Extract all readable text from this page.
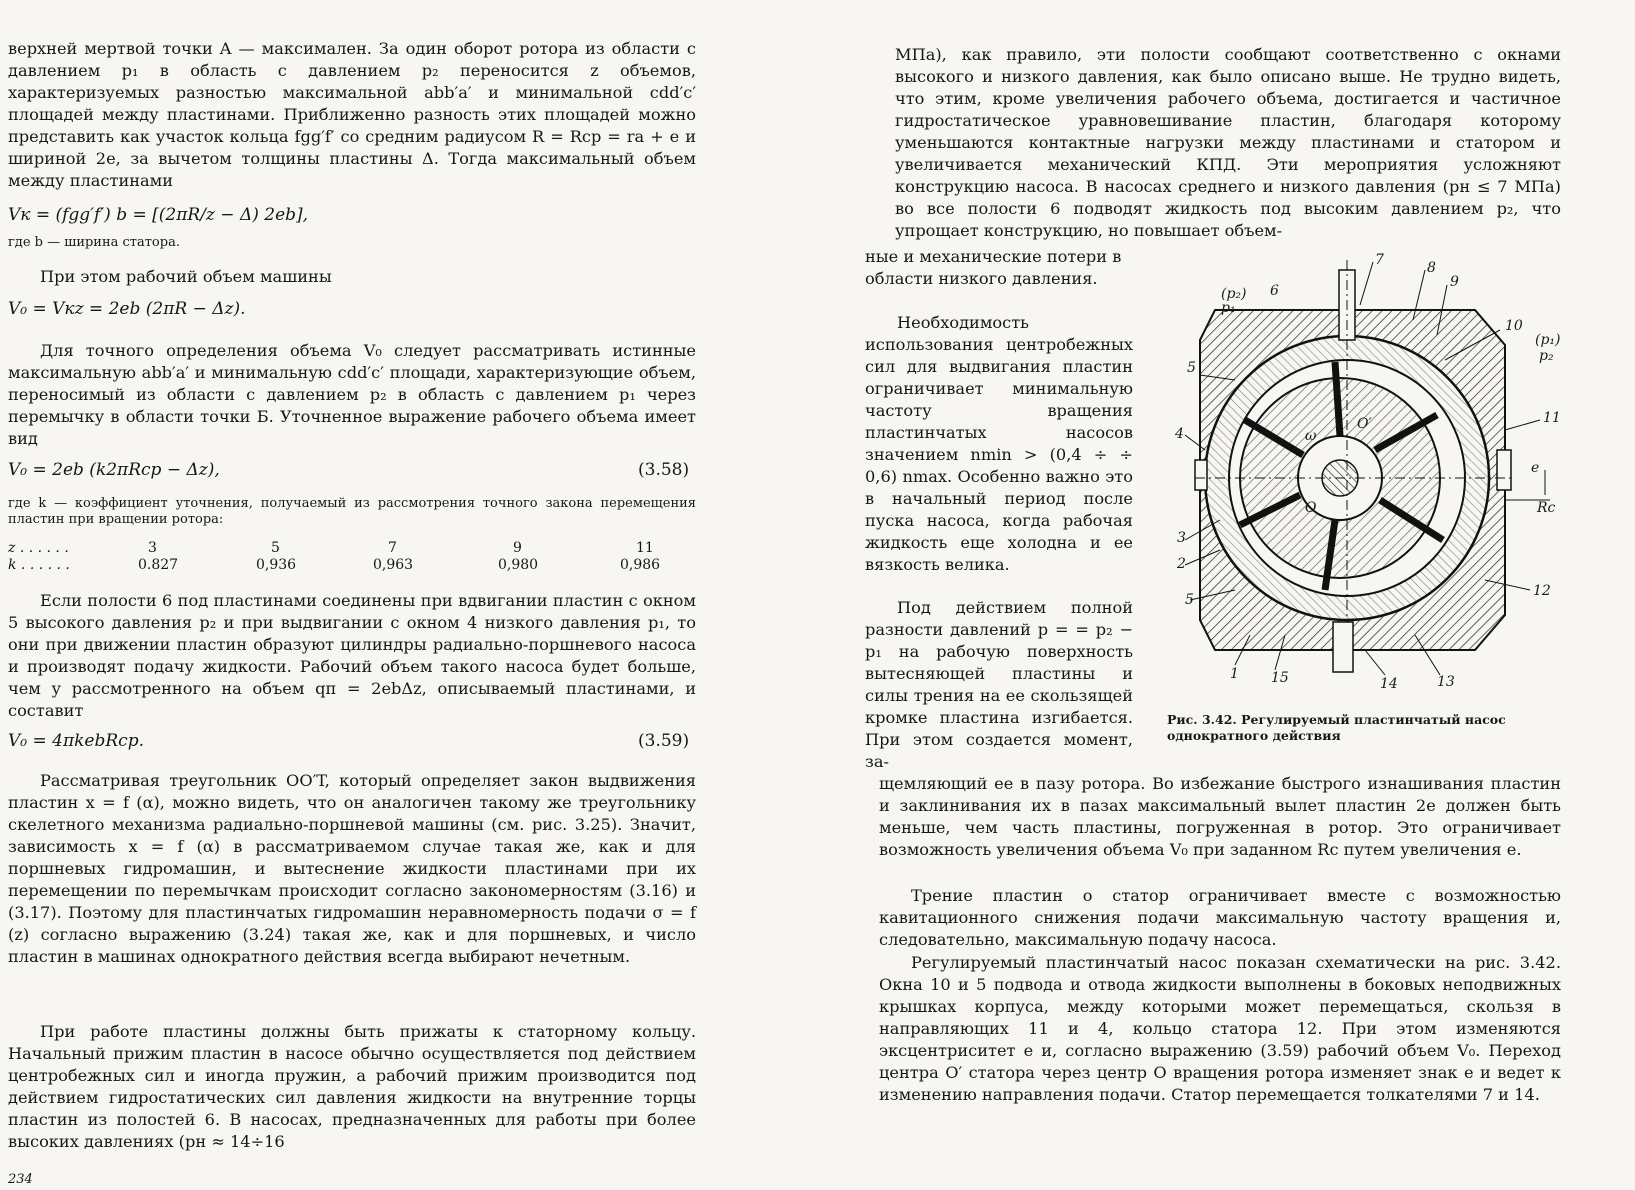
верхней мертвой точки A — максимален. За один оборот ротора из области с давлением p₁ в область с давлением p₂ переносится z объемов, характеризуемых разностью максимальной abb′a′ и минимальной cdd′c′ площадей между пластинами. Приближенно разность этих площадей можно представить как участок кольца fgg′f′ со средним радиусом R = Rср = rа + e и шириной 2e, за вычетом толщины пластины Δ. Тогда максимальный объем между пластинами

Vк = (fgg′f′) b = [(2πR/z − Δ) 2eb],

где b — ширина статора.

При этом рабочий объем машины

V₀ = Vкz = 2eb (2πR − Δz).

Для точного определения объема V₀ следует рассматривать истинные максимальную abb′a′ и минимальную cdd′c′ площади, характеризующие объем, переносимый из области с давлением p₂ в область с давлением p₁ через перемычку в области точки Б. Уточненное выражение рабочего объема имеет вид

V₀ = 2eb (k2πRср − Δz),	(3.58)

где k — коэффициент уточнения, получаемый из рассмотрения точного закона перемещения пластин при вращении ротора:

z . . . . . .	3	5	7	9	11
k . . . . . .	0.827	0,936	0,963	0,980	0,986

Если полости 6 под пластинами соединены при вдвигании пластин с окном 5 высокого давления p₂ и при выдвигании с окном 4 низкого давления p₁, то они при движении пластин образуют цилиндры радиально-поршневого насоса и производят подачу жидкости. Рабочий объем такого насоса будет больше, чем у рассмотренного на объем qп = 2ebΔz, описываемый пластинами, и составит

V₀ = 4πkebRср.	(3.59)

Рассматривая треугольник OO′T, который определяет закон выдвижения пластин x = f (α), можно видеть, что он аналогичен такому же треугольнику скелетного механизма радиально-поршневой машины (см. рис. 3.25). Значит, зависимость x = f (α) в рассматриваемом случае такая же, как и для поршневых гидромашин, и вытеснение жидкости пластинами при их перемещении по перемычкам происходит согласно закономерностям (3.16) и (3.17). Поэтому для пластинчатых гидромашин неравномерность подачи σ = f (z) согласно выражению (3.24) такая же, как и для поршневых, и число пластин в машинах однократного действия всегда выбирают нечетным.

При работе пластины должны быть прижаты к статорному кольцу. Начальный прижим пластин в насосе обычно осуществляется под действием центробежных сил и иногда пружин, а рабочий прижим производится под действием гидростатических сил давления жидкости на внутренние торцы пластин из полостей 6. В насосах, предназначенных для работы при более высоких давлениях (pн ≈ 14÷16

234

МПа), как правило, эти полости сообщают соответственно с окнами высокого и низкого давления, как было описано выше. Не трудно видеть, что этим, кроме увеличения рабочего объема, достигается и частичное гидростатическое уравновешивание пластин, благодаря которому уменьшаются контактные нагрузки между пластинами и статором и увеличивается механический КПД. Эти мероприятия усложняют конструкцию насоса. В насосах среднего и низкого давления (pн ≤ 7 МПа) во все полости 6 подводят жидкость под высоким давлением p₂, что упрощает конструкцию, но повышает объем-

ные и механические потери в области низкого давления.

Необходимость использования центробежных сил для выдвигания пластин ограничивает минимальную частоту вращения пластинчатых насосов значением nmin > (0,4 ÷ ÷ 0,6) nmax. Особенно важно это в начальный период после пуска насоса, когда рабочая жидкость еще холодна и ее вязкость велика.

Под действием полной разности давлений p = = p₂ − p₁ на рабочую поверхность вытесняющей пластины и силы трения на ее скользящей кромке пластина изгибается. При этом создается момент, за-

(p₂)
p₁
6
7	8
9
10
(p₁)
p₂
11
e
Rс
12
13
14
15
1
2
3
4
5
5
ω
O′
O

Рис. 3.42. Регулируемый пластинчатый насос однократного действия

щемляющий ее в пазу ротора. Во избежание быстрого изнашивания пластин и заклинивания их в пазах максимальный вылет пластин 2e должен быть меньше, чем часть пластины, погруженная в ротор. Это ограничивает возможность увеличения объема V₀ при заданном Rс путем увеличения e.

Трение пластин о статор ограничивает вместе с возможностью кавитационного снижения подачи максимальную частоту вращения и, следовательно, максимальную подачу насоса.

Регулируемый пластинчатый насос показан схематически на рис. 3.42. Окна 10 и 5 подвода и отвода жидкости выполнены в боковых неподвижных крышках корпуса, между которыми может перемещаться, скользя в направляющих 11 и 4, кольцо статора 12. При этом изменяются эксцентриситет e и, согласно выражению (3.59) рабочий объем V₀. Переход центра O′ статора через центр O вращения ротора изменяет знак e и ведет к изменению направления подачи. Статор перемещается толкателями 7 и 14.
